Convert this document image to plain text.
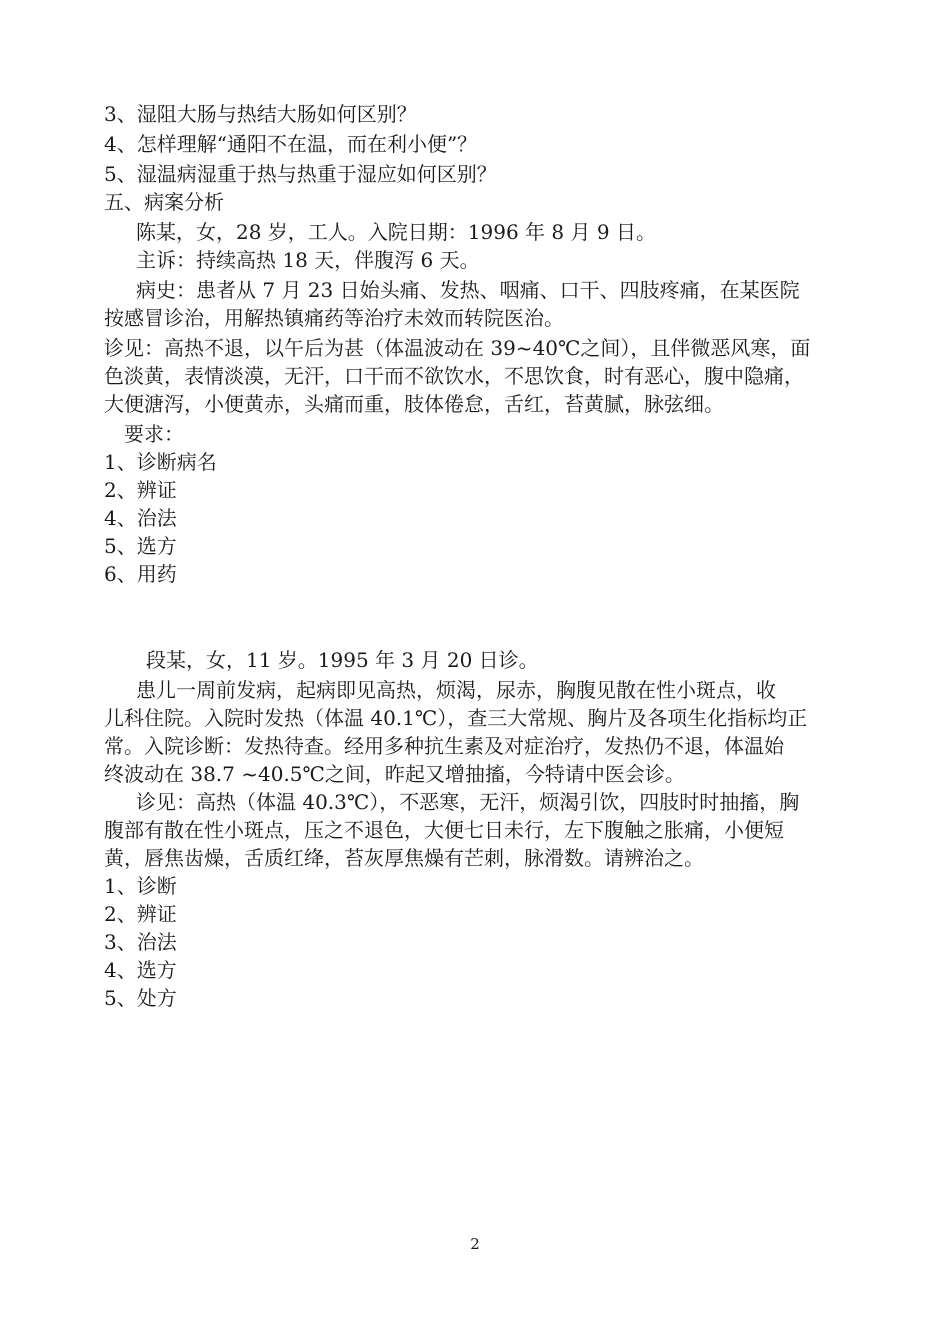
3、湿阻大肠与热结大肠如何区别？
4、怎样理解“通阳不在温，而在利小便”？
5、湿温病湿重于热与热重于湿应如何区别？
五、病案分析
陈某，女，28 岁，工人。入院日期：1996 年 8 月 9 日。
主诉：持续高热 18 天，伴腹泻 6 天。
病史：患者从 7 月 23 日始头痛、发热、咽痛、口干、四肢疼痛，在某医院
按感冒诊治，用解热镇痛药等治疗未效而转院医治。
诊见：高热不退，以午后为甚（体温波动在 39~40℃之间），且伴微恶风寒，面
色淡黄，表情淡漠，无汗，口干而不欲饮水，不思饮食，时有恶心，腹中隐痛，
大便溏泻，小便黄赤，头痛而重，肢体倦怠，舌红，苔黄腻，脉弦细。
要求：
1、诊断病名
2、辨证
4、治法
5、选方
6、用药
段某，女，11 岁。1995 年 3 月 20 日诊。
患儿一周前发病，起病即见高热，烦渴，尿赤，胸腹见散在性小斑点，收
儿科住院。入院时发热（体温 40.1℃），查三大常规、胸片及各项生化指标均正
常。入院诊断：发热待查。经用多种抗生素及对症治疗，发热仍不退，体温始
终波动在 38.7 ~40.5℃之间，昨起又增抽搐，今特请中医会诊。
诊见：高热（体温 40.3℃），不恶寒，无汗，烦渴引饮，四肢时时抽搐，胸
腹部有散在性小斑点，压之不退色，大便七日未行，左下腹触之胀痛，小便短
黄，唇焦齿燥，舌质红绛，苔灰厚焦燥有芒刺，脉滑数。请辨治之。
1、诊断
2、辨证
3、治法
4、选方
5、处方
2
